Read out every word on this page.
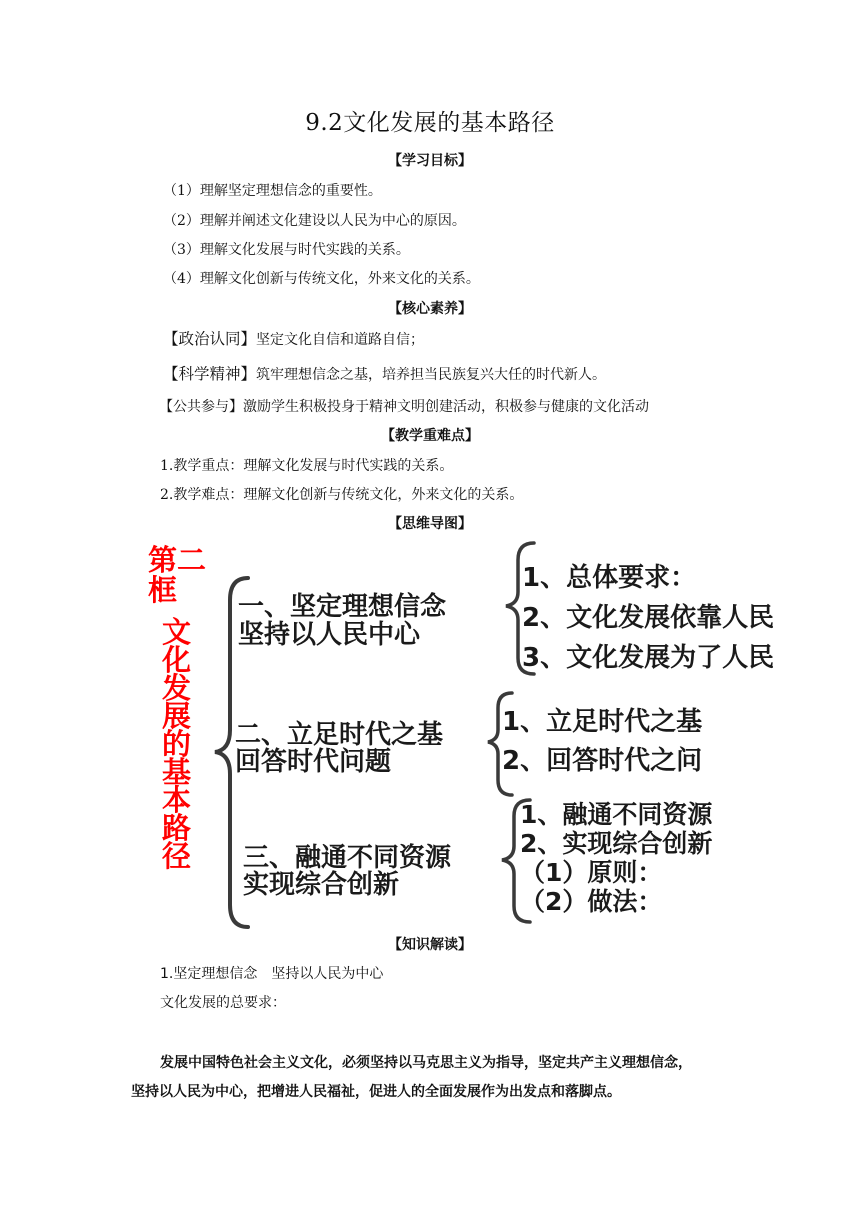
9.2文化发展的基本路径
【学习目标】
（1）理解坚定理想信念的重要性。
（2）理解并阐述文化建设以人民为中心的原因。
（3）理解文化发展与时代实践的关系。
（4）理解文化创新与传统文化，外来文化的关系。
【核心素养】
【政治认同】坚定文化自信和道路自信；
【科学精神】筑牢理想信念之基，培养担当民族复兴大任的时代新人。
【公共参与】激励学生积极投身于精神文明创建活动，积极参与健康的文化活动
【教学重难点】
1.教学重点：理解文化发展与时代实践的关系。
2.教学难点：理解文化创新与传统文化，外来文化的关系。
【思维导图】
第二
框
文
化
发
展
的
基
本
路
径
一、坚定理想信念
坚持以人民中心
1、总体要求：
2、文化发展依靠人民
3、文化发展为了人民
二、立足时代之基
回答时代问题
1、立足时代之基
2、回答时代之问
三、融通不同资源
实现综合创新
1、融通不同资源
2、实现综合创新
（1）原则：
（2）做法：
【知识解读】
1.坚定理想信念　坚持以人民为中心
文化发展的总要求：
发展中国特色社会主义文化，必须坚持以马克思主义为指导，坚定共产主义理想信念，
坚持以人民为中心，把增进人民福祉，促进人的全面发展作为出发点和落脚点。
